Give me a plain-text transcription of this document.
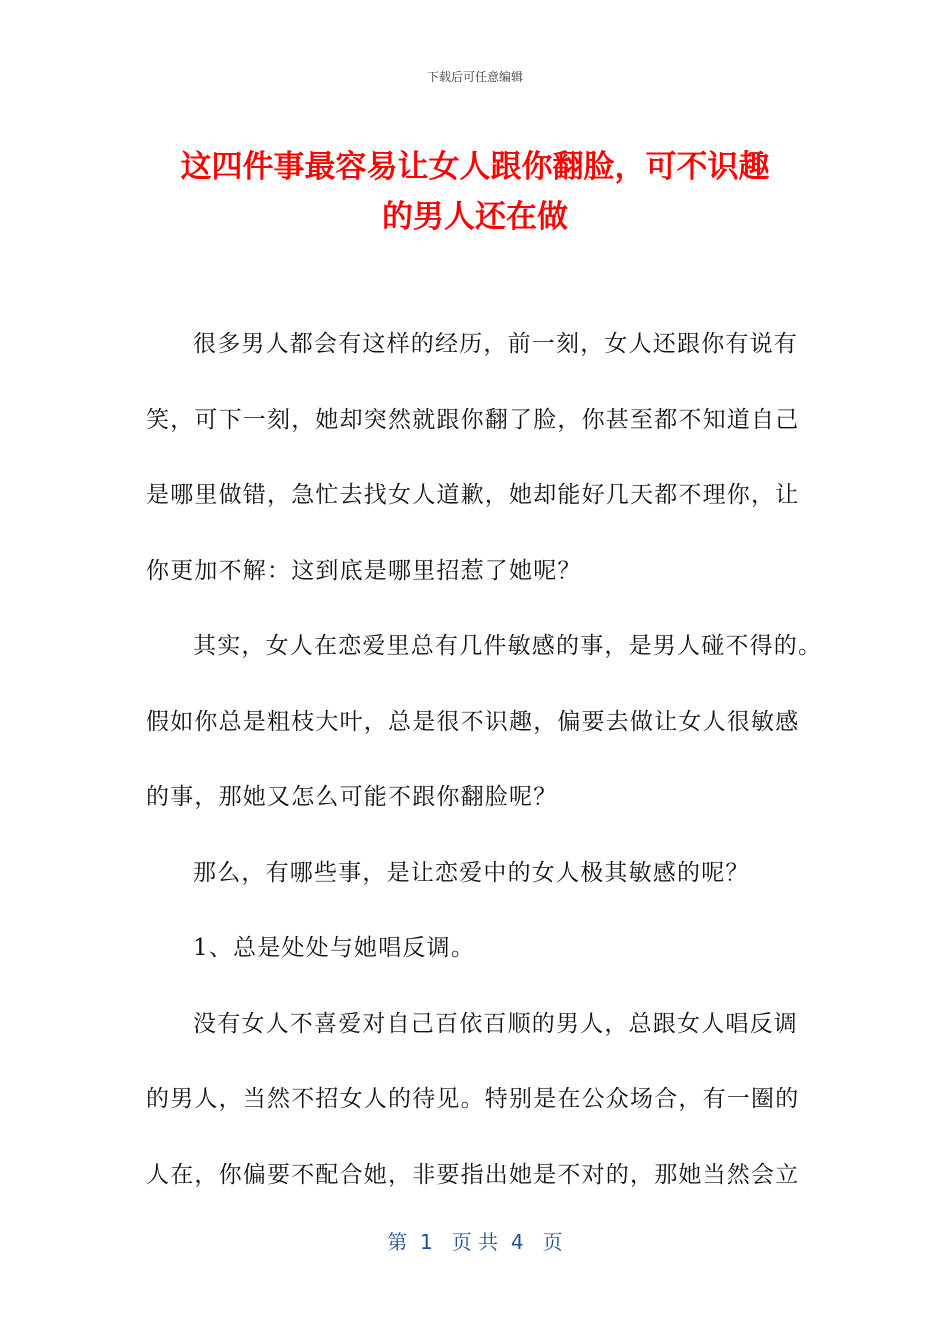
下载后可任意编辑
这四件事最容易让女人跟你翻脸，可不识趣
的男人还在做
很多男人都会有这样的经历，前一刻，女人还跟你有说有
笑，可下一刻，她却突然就跟你翻了脸，你甚至都不知道自己
是哪里做错，急忙去找女人道歉，她却能好几天都不理你，让
你更加不解：这到底是哪里招惹了她呢？
其实，女人在恋爱里总有几件敏感的事，是男人碰不得的。
假如你总是粗枝大叶，总是很不识趣，偏要去做让女人很敏感
的事，那她又怎么可能不跟你翻脸呢？
那么，有哪些事，是让恋爱中的女人极其敏感的呢？
1、总是处处与她唱反调。
没有女人不喜爱对自己百依百顺的男人，总跟女人唱反调
的男人，当然不招女人的待见。特别是在公众场合，有一圈的
人在，你偏要不配合她，非要指出她是不对的，那她当然会立
第  1   页 共  4   页
